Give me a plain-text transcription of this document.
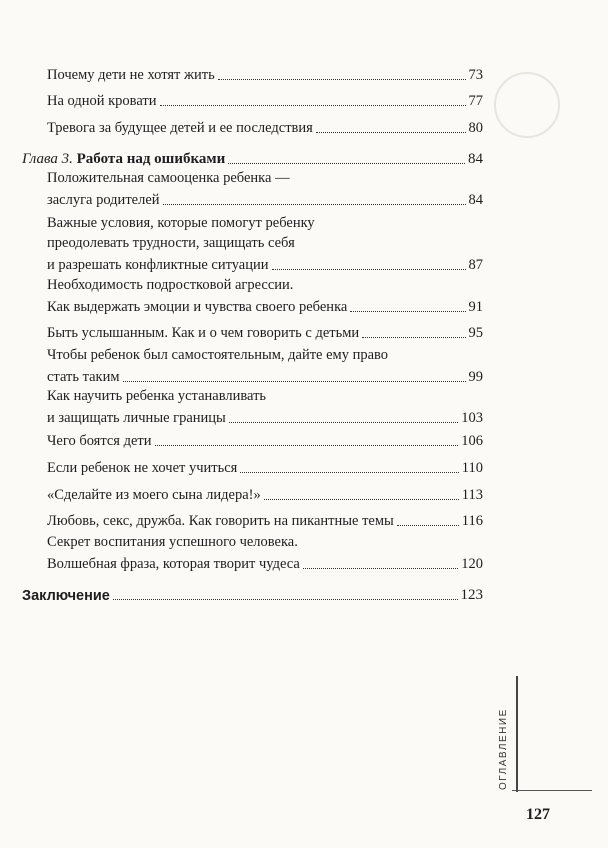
Почему дети не хотят жить	73
На одной кровати	77
Тревога за будущее детей и ее последствия	80
Глава 3. Работа над ошибками	84
Положительная самооценка ребенка —
заслуга родителей	84
Важные условия, которые помогут ребенку
преодолевать трудности, защищать себя
и разрешать конфликтные ситуации	87
Необходимость подростковой агрессии.
Как выдержать эмоции и чувства своего ребенка	91
Быть услышанным. Как и о чем говорить с детьми	95
Чтобы ребенок был самостоятельным, дайте ему право
стать таким	99
Как научить ребенка устанавливать
и защищать личные границы	103
Чего боятся дети	106
Если ребенок не хочет учиться	110
«Сделайте из моего сына лидера!»	113
Любовь, секс, дружба. Как говорить на пикантные темы	116
Секрет воспитания успешного человека.
Волшебная фраза, которая творит чудеса	120
Заключение	123
ОГЛАВЛЕНИЕ
127
